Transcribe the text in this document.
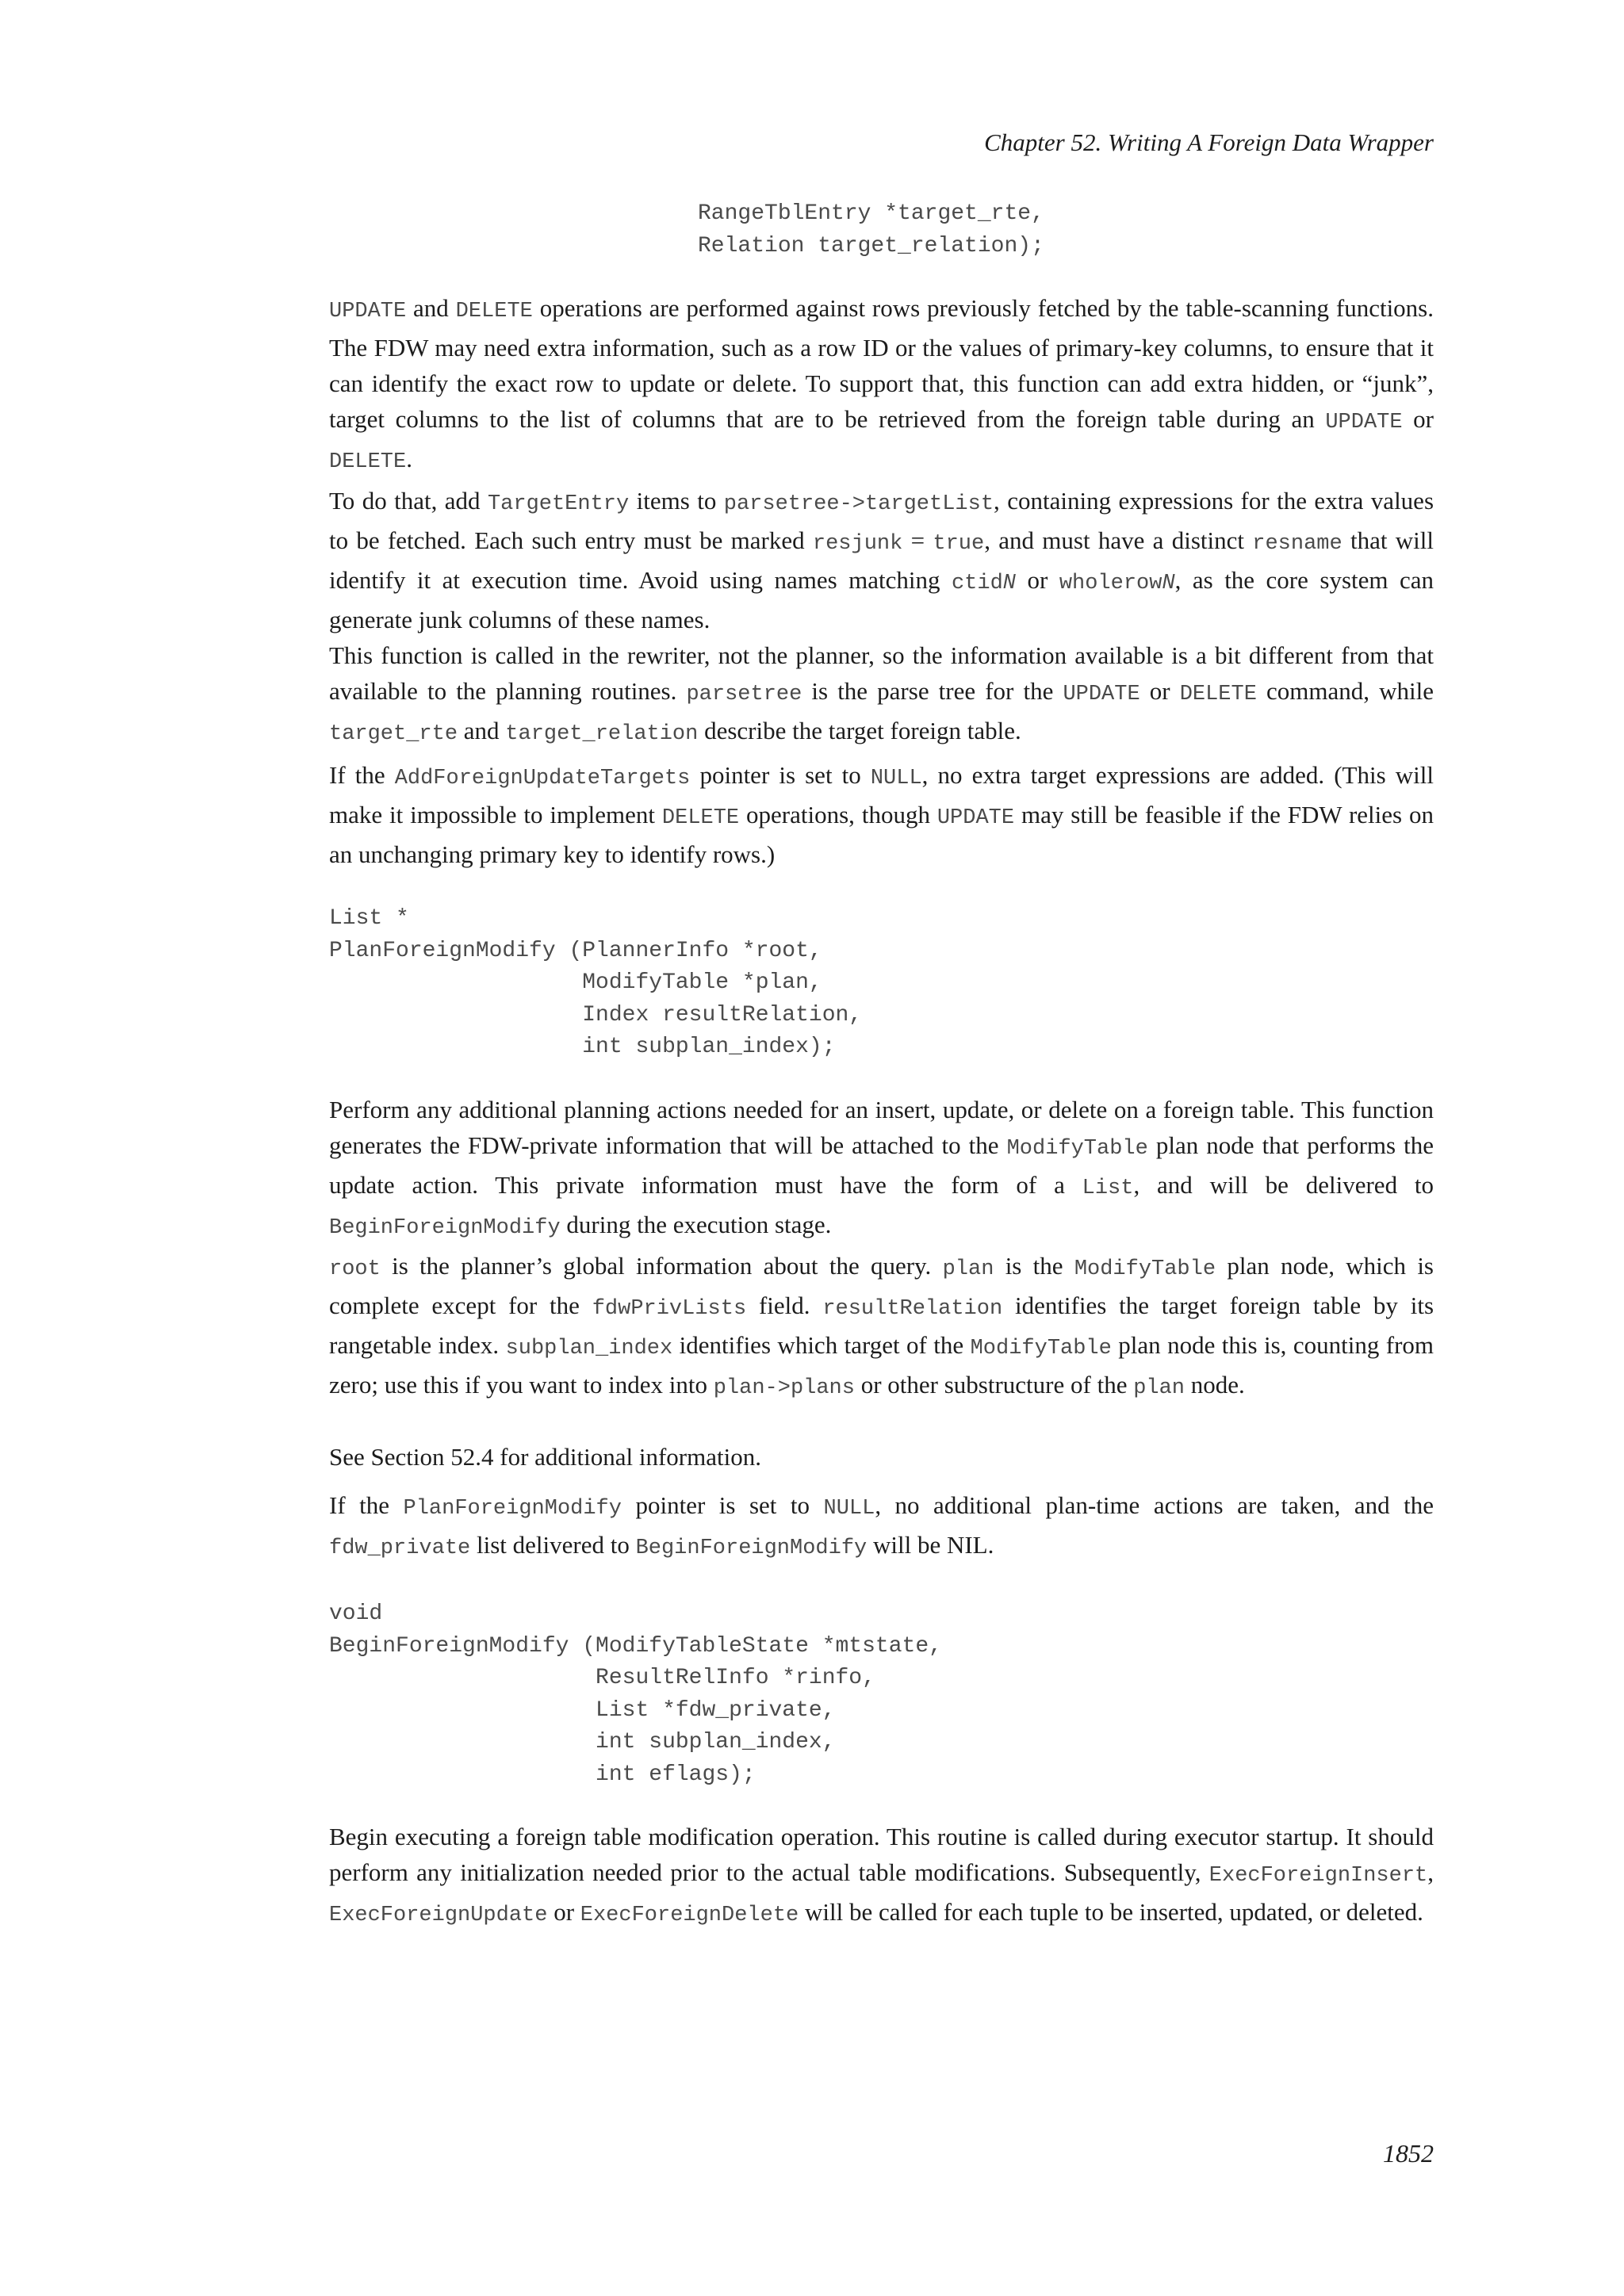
Chapter 52. Writing A Foreign Data Wrapper
RangeTblEntry *target_rte,
Relation target_relation);

UPDATE and DELETE operations are performed against rows previously fetched by the table-scanning functions. The FDW may need extra information, such as a row ID or the values of primary-key columns, to ensure that it can identify the exact row to update or delete. To support that, this function can add extra hidden, or “junk”, target columns to the list of columns that are to be retrieved from the foreign table during an UPDATE or DELETE.

To do that, add TargetEntry items to parsetree->targetList, containing expressions for the extra values to be fetched. Each such entry must be marked resjunk = true, and must have a distinct resname that will identify it at execution time. Avoid using names matching ctidN or wholerowN, as the core system can generate junk columns of these names.

This function is called in the rewriter, not the planner, so the information available is a bit different from that available to the planning routines. parsetree is the parse tree for the UPDATE or DELETE command, while target_rte and target_relation describe the target foreign table.

If the AddForeignUpdateTargets pointer is set to NULL, no extra target expressions are added. (This will make it impossible to implement DELETE operations, though UPDATE may still be feasible if the FDW relies on an unchanging primary key to identify rows.)

List *
PlanForeignModify (PlannerInfo *root,
ModifyTable *plan,
Index resultRelation,
int subplan_index);

Perform any additional planning actions needed for an insert, update, or delete on a foreign table. This function generates the FDW-private information that will be attached to the ModifyTable plan node that performs the update action. This private information must have the form of a List, and will be delivered to BeginForeignModify during the execution stage.

root is the planner’s global information about the query. plan is the ModifyTable plan node, which is complete except for the fdwPrivLists field. resultRelation identifies the target foreign table by its rangetable index. subplan_index identifies which target of the ModifyTable plan node this is, counting from zero; use this if you want to index into plan->plans or other substructure of the plan node.

See Section 52.4 for additional information.

If the PlanForeignModify pointer is set to NULL, no additional plan-time actions are taken, and the fdw_private list delivered to BeginForeignModify will be NIL.

void
BeginForeignModify (ModifyTableState *mtstate,
ResultRelInfo *rinfo,
List *fdw_private,
int subplan_index,
int eflags);

Begin executing a foreign table modification operation. This routine is called during executor startup. It should perform any initialization needed prior to the actual table modifications. Subsequently, ExecForeignInsert, ExecForeignUpdate or ExecForeignDelete will be called for each tuple to be inserted, updated, or deleted.

1852
